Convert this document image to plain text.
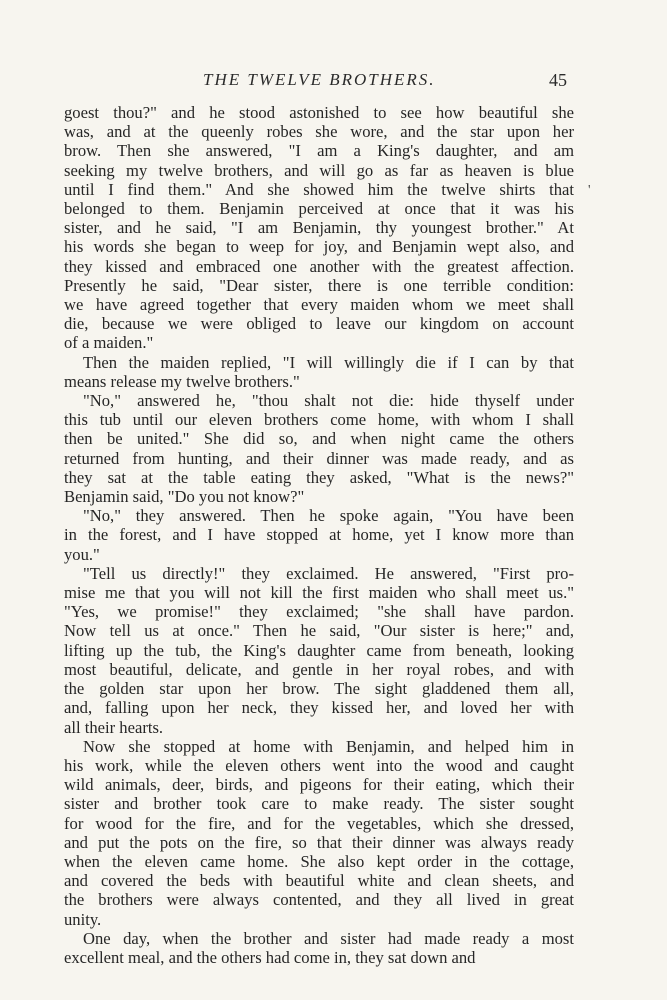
THE TWELVE BROTHERS.	45
'
goest thou?" and he stood astonished to see how beautiful she
was, and at the queenly robes she wore, and the star upon her
brow. Then she answered, "I am a King's daughter, and am
seeking my twelve brothers, and will go as far as heaven is blue
until I find them." And she showed him the twelve shirts that
belonged to them. Benjamin perceived at once that it was his
sister, and he said, "I am Benjamin, thy youngest brother." At
his words she began to weep for joy, and Benjamin wept also, and
they kissed and embraced one another with the greatest affection.
Presently he said, "Dear sister, there is one terrible condition:
we have agreed together that every maiden whom we meet shall
die, because we were obliged to leave our kingdom on account
of a maiden."
Then the maiden replied, "I will willingly die if I can by that
means release my twelve brothers."
"No," answered he, "thou shalt not die: hide thyself under
this tub until our eleven brothers come home, with whom I shall
then be united." She did so, and when night came the others
returned from hunting, and their dinner was made ready, and as
they sat at the table eating they asked, "What is the news?"
Benjamin said, "Do you not know?"
"No," they answered. Then he spoke again, "You have been
in the forest, and I have stopped at home, yet I know more than
you."
"Tell us directly!" they exclaimed. He answered, "First pro-
mise me that you will not kill the first maiden who shall meet us."
"Yes, we promise!" they exclaimed; "she shall have pardon.
Now tell us at once." Then he said, "Our sister is here;" and,
lifting up the tub, the King's daughter came from beneath, looking
most beautiful, delicate, and gentle in her royal robes, and with
the golden star upon her brow. The sight gladdened them all,
and, falling upon her neck, they kissed her, and loved her with
all their hearts.
Now she stopped at home with Benjamin, and helped him in
his work, while the eleven others went into the wood and caught
wild animals, deer, birds, and pigeons for their eating, which their
sister and brother took care to make ready. The sister sought
for wood for the fire, and for the vegetables, which she dressed,
and put the pots on the fire, so that their dinner was always ready
when the eleven came home. She also kept order in the cottage,
and covered the beds with beautiful white and clean sheets, and
the brothers were always contented, and they all lived in great
unity.
One day, when the brother and sister had made ready a most
excellent meal, and the others had come in, they sat down and
